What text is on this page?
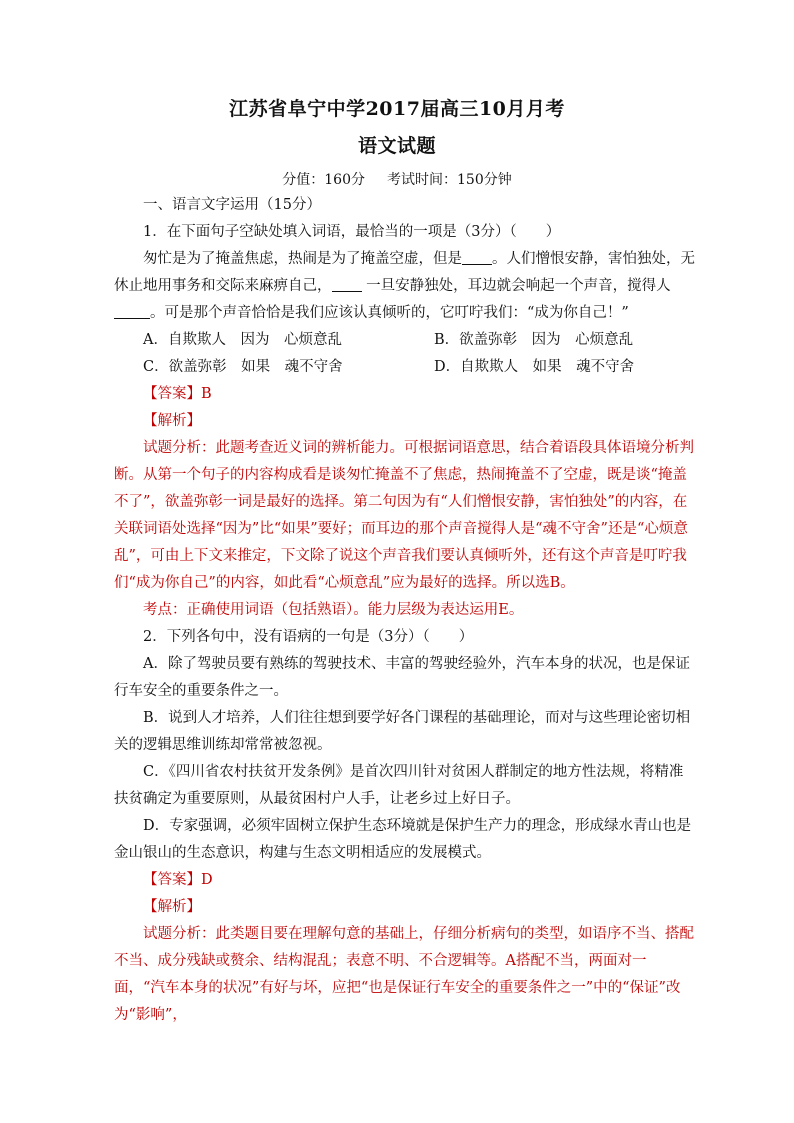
江苏省阜宁中学2017届高三10月月考
语文试题
分值：160分 考试时间：150分钟

一、语言文字运用（15分）

1．在下面句子空缺处填入词语，最恰当的一项是（3分）（　　）

匆忙是为了掩盖焦虑，热闹是为了掩盖空虚，但是 。人们憎恨安静，害怕独处，无休止地用事务和交际来麻痹自己， 一旦安静独处，耳边就会响起一个声音，搅得人。可是那个声音恰恰是我们应该认真倾听的，它叮咛我们：“成为你自己！”

A．自欺欺人　因为　心烦意乱	B．欲盖弥彰　因为　心烦意乱
C．欲盖弥彰　如果　魂不守舍	D．自欺欺人　如果　魂不守舍

【答案】B

【解析】

试题分析：此题考查近义词的辨析能力。可根据词语意思，结合着语段具体语境分析判断。从第一个句子的内容构成看是谈匆忙掩盖不了焦虑，热闹掩盖不了空虚，既是谈“掩盖不了”，欲盖弥彰一词是最好的选择。第二句因为有“人们憎恨安静，害怕独处”的内容，在关联词语处选择“因为”比“如果”要好；而耳边的那个声音搅得人是“魂不守舍”还是“心烦意乱”，可由上下文来推定，下文除了说这个声音我们要认真倾听外，还有这个声音是叮咛我们“成为你自己”的内容，如此看“心烦意乱”应为最好的选择。所以选B。

考点：正确使用词语（包括熟语）。能力层级为表达运用E。

2．下列各句中，没有语病的一句是（3分）（　　）

A．除了驾驶员要有熟练的驾驶技术、丰富的驾驶经验外，汽车本身的状况，也是保证行车安全的重要条件之一。

B．说到人才培养，人们往往想到要学好各门课程的基础理论，而对与这些理论密切相关的逻辑思维训练却常常被忽视。

C．《四川省农村扶贫开发条例》是首次四川针对贫困人群制定的地方性法规，将精准扶贫确定为重要原则，从最贫困村户人手，让老乡过上好日子。

D．专家强调，必须牢固树立保护生态环境就是保护生产力的理念，形成绿水青山也是金山银山的生态意识，构建与生态文明相适应的发展模式。

【答案】D

【解析】

试题分析：此类题目要在理解句意的基础上，仔细分析病句的类型，如语序不当、搭配不当、成分残缺或赘余、结构混乱；表意不明、不合逻辑等。A搭配不当，两面对一面，“汽车本身的状况”有好与坏，应把“也是保证行车安全的重要条件之一”中的“保证”改为“影响”，
